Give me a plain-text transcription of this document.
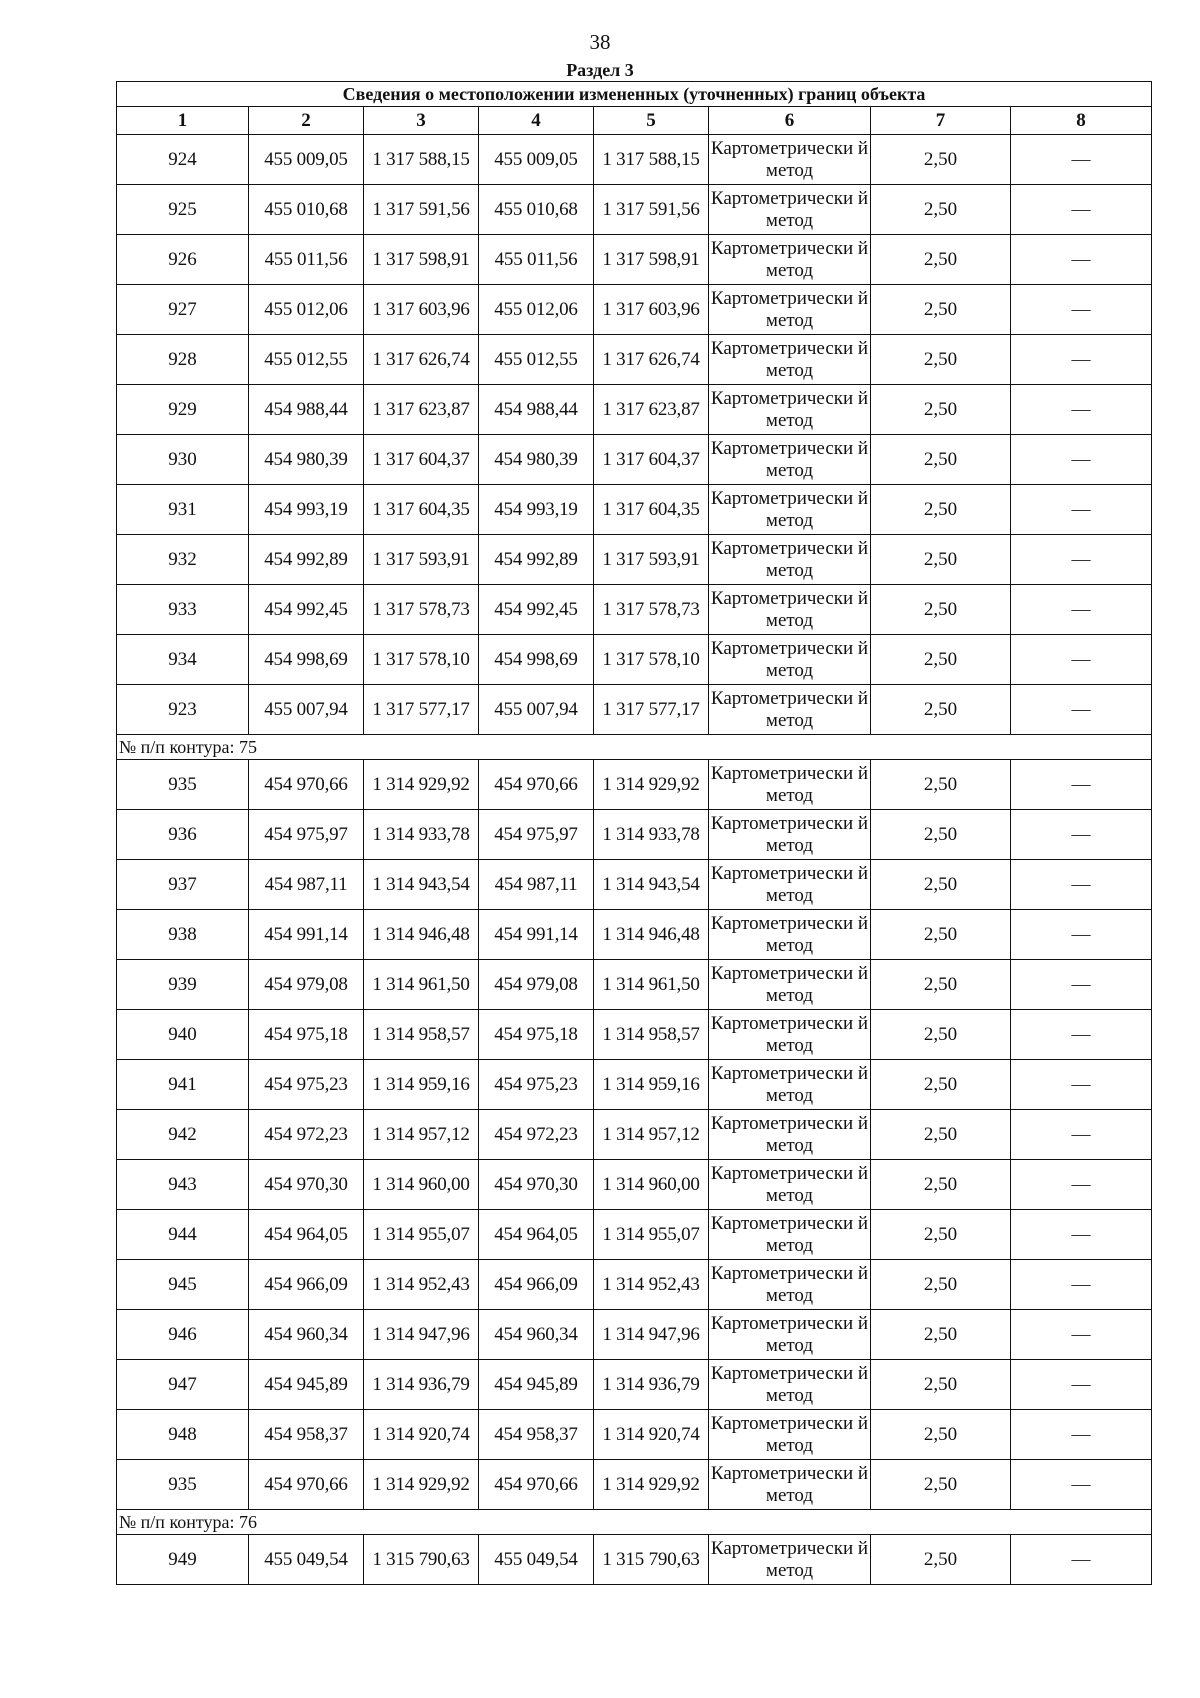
38
Раздел 3
Сведения о местоположении измененных (уточненных) границ объекта							
1	2	3	4	5	6	7	8
924	455 009,05	1 317 588,15	455 009,05	1 317 588,15	Картометрически й метод	2,50	—
925	455 010,68	1 317 591,56	455 010,68	1 317 591,56	Картометрически й метод	2,50	—
926	455 011,56	1 317 598,91	455 011,56	1 317 598,91	Картометрически й метод	2,50	—
927	455 012,06	1 317 603,96	455 012,06	1 317 603,96	Картометрически й метод	2,50	—
928	455 012,55	1 317 626,74	455 012,55	1 317 626,74	Картометрически й метод	2,50	—
929	454 988,44	1 317 623,87	454 988,44	1 317 623,87	Картометрически й метод	2,50	—
930	454 980,39	1 317 604,37	454 980,39	1 317 604,37	Картометрически й метод	2,50	—
931	454 993,19	1 317 604,35	454 993,19	1 317 604,35	Картометрически й метод	2,50	—
932	454 992,89	1 317 593,91	454 992,89	1 317 593,91	Картометрически й метод	2,50	—
933	454 992,45	1 317 578,73	454 992,45	1 317 578,73	Картометрически й метод	2,50	—
934	454 998,69	1 317 578,10	454 998,69	1 317 578,10	Картометрически й метод	2,50	—
923	455 007,94	1 317 577,17	455 007,94	1 317 577,17	Картометрически й метод	2,50	—
№ п/п контура: 75							
935	454 970,66	1 314 929,92	454 970,66	1 314 929,92	Картометрически й метод	2,50	—
936	454 975,97	1 314 933,78	454 975,97	1 314 933,78	Картометрически й метод	2,50	—
937	454 987,11	1 314 943,54	454 987,11	1 314 943,54	Картометрически й метод	2,50	—
938	454 991,14	1 314 946,48	454 991,14	1 314 946,48	Картометрически й метод	2,50	—
939	454 979,08	1 314 961,50	454 979,08	1 314 961,50	Картометрически й метод	2,50	—
940	454 975,18	1 314 958,57	454 975,18	1 314 958,57	Картометрически й метод	2,50	—
941	454 975,23	1 314 959,16	454 975,23	1 314 959,16	Картометрически й метод	2,50	—
942	454 972,23	1 314 957,12	454 972,23	1 314 957,12	Картометрически й метод	2,50	—
943	454 970,30	1 314 960,00	454 970,30	1 314 960,00	Картометрически й метод	2,50	—
944	454 964,05	1 314 955,07	454 964,05	1 314 955,07	Картометрически й метод	2,50	—
945	454 966,09	1 314 952,43	454 966,09	1 314 952,43	Картометрически й метод	2,50	—
946	454 960,34	1 314 947,96	454 960,34	1 314 947,96	Картометрически й метод	2,50	—
947	454 945,89	1 314 936,79	454 945,89	1 314 936,79	Картометрически й метод	2,50	—
948	454 958,37	1 314 920,74	454 958,37	1 314 920,74	Картометрически й метод	2,50	—
935	454 970,66	1 314 929,92	454 970,66	1 314 929,92	Картометрически й метод	2,50	—
№ п/п контура: 76							
949	455 049,54	1 315 790,63	455 049,54	1 315 790,63	Картометрически й метод	2,50	—
